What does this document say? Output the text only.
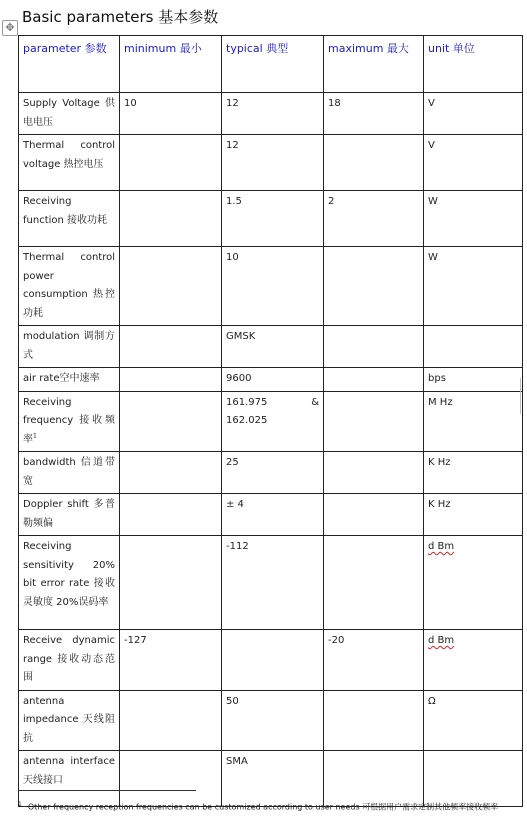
✥
Basic parameters 基本参数
parameter 参数	minimum 最小	typical 典型	maximum 最大	unit 单位
Supply Voltage 供电电压	10	12	18	V
Thermal control voltage 热控电压		12		V
Receiving function 接收功耗		1.5	2	W
Thermal control power consumption 热控功耗		10		W
modulation 调制方式		GMSK		
air rate空中速率		9600		bps
Receiving frequency 接收频率$^1$		161.975 & 162.025		M Hz
bandwidth 信道带宽		25		K Hz
Doppler shift 多普勒频偏		± 4		K Hz
Receiving sensitivity 20% bit error rate 接收灵敏度 20%误码率		-112		d Bm
Receive dynamic range 接收动态范围	-127		-20	d Bm
antenna impedance 天线阻抗		50		Ω
antenna interface 天线接口		SMA		
$^1$ Other frequency reception frequencies can be customized according to user needs 可根据用户需求定制其他频率接收频率
